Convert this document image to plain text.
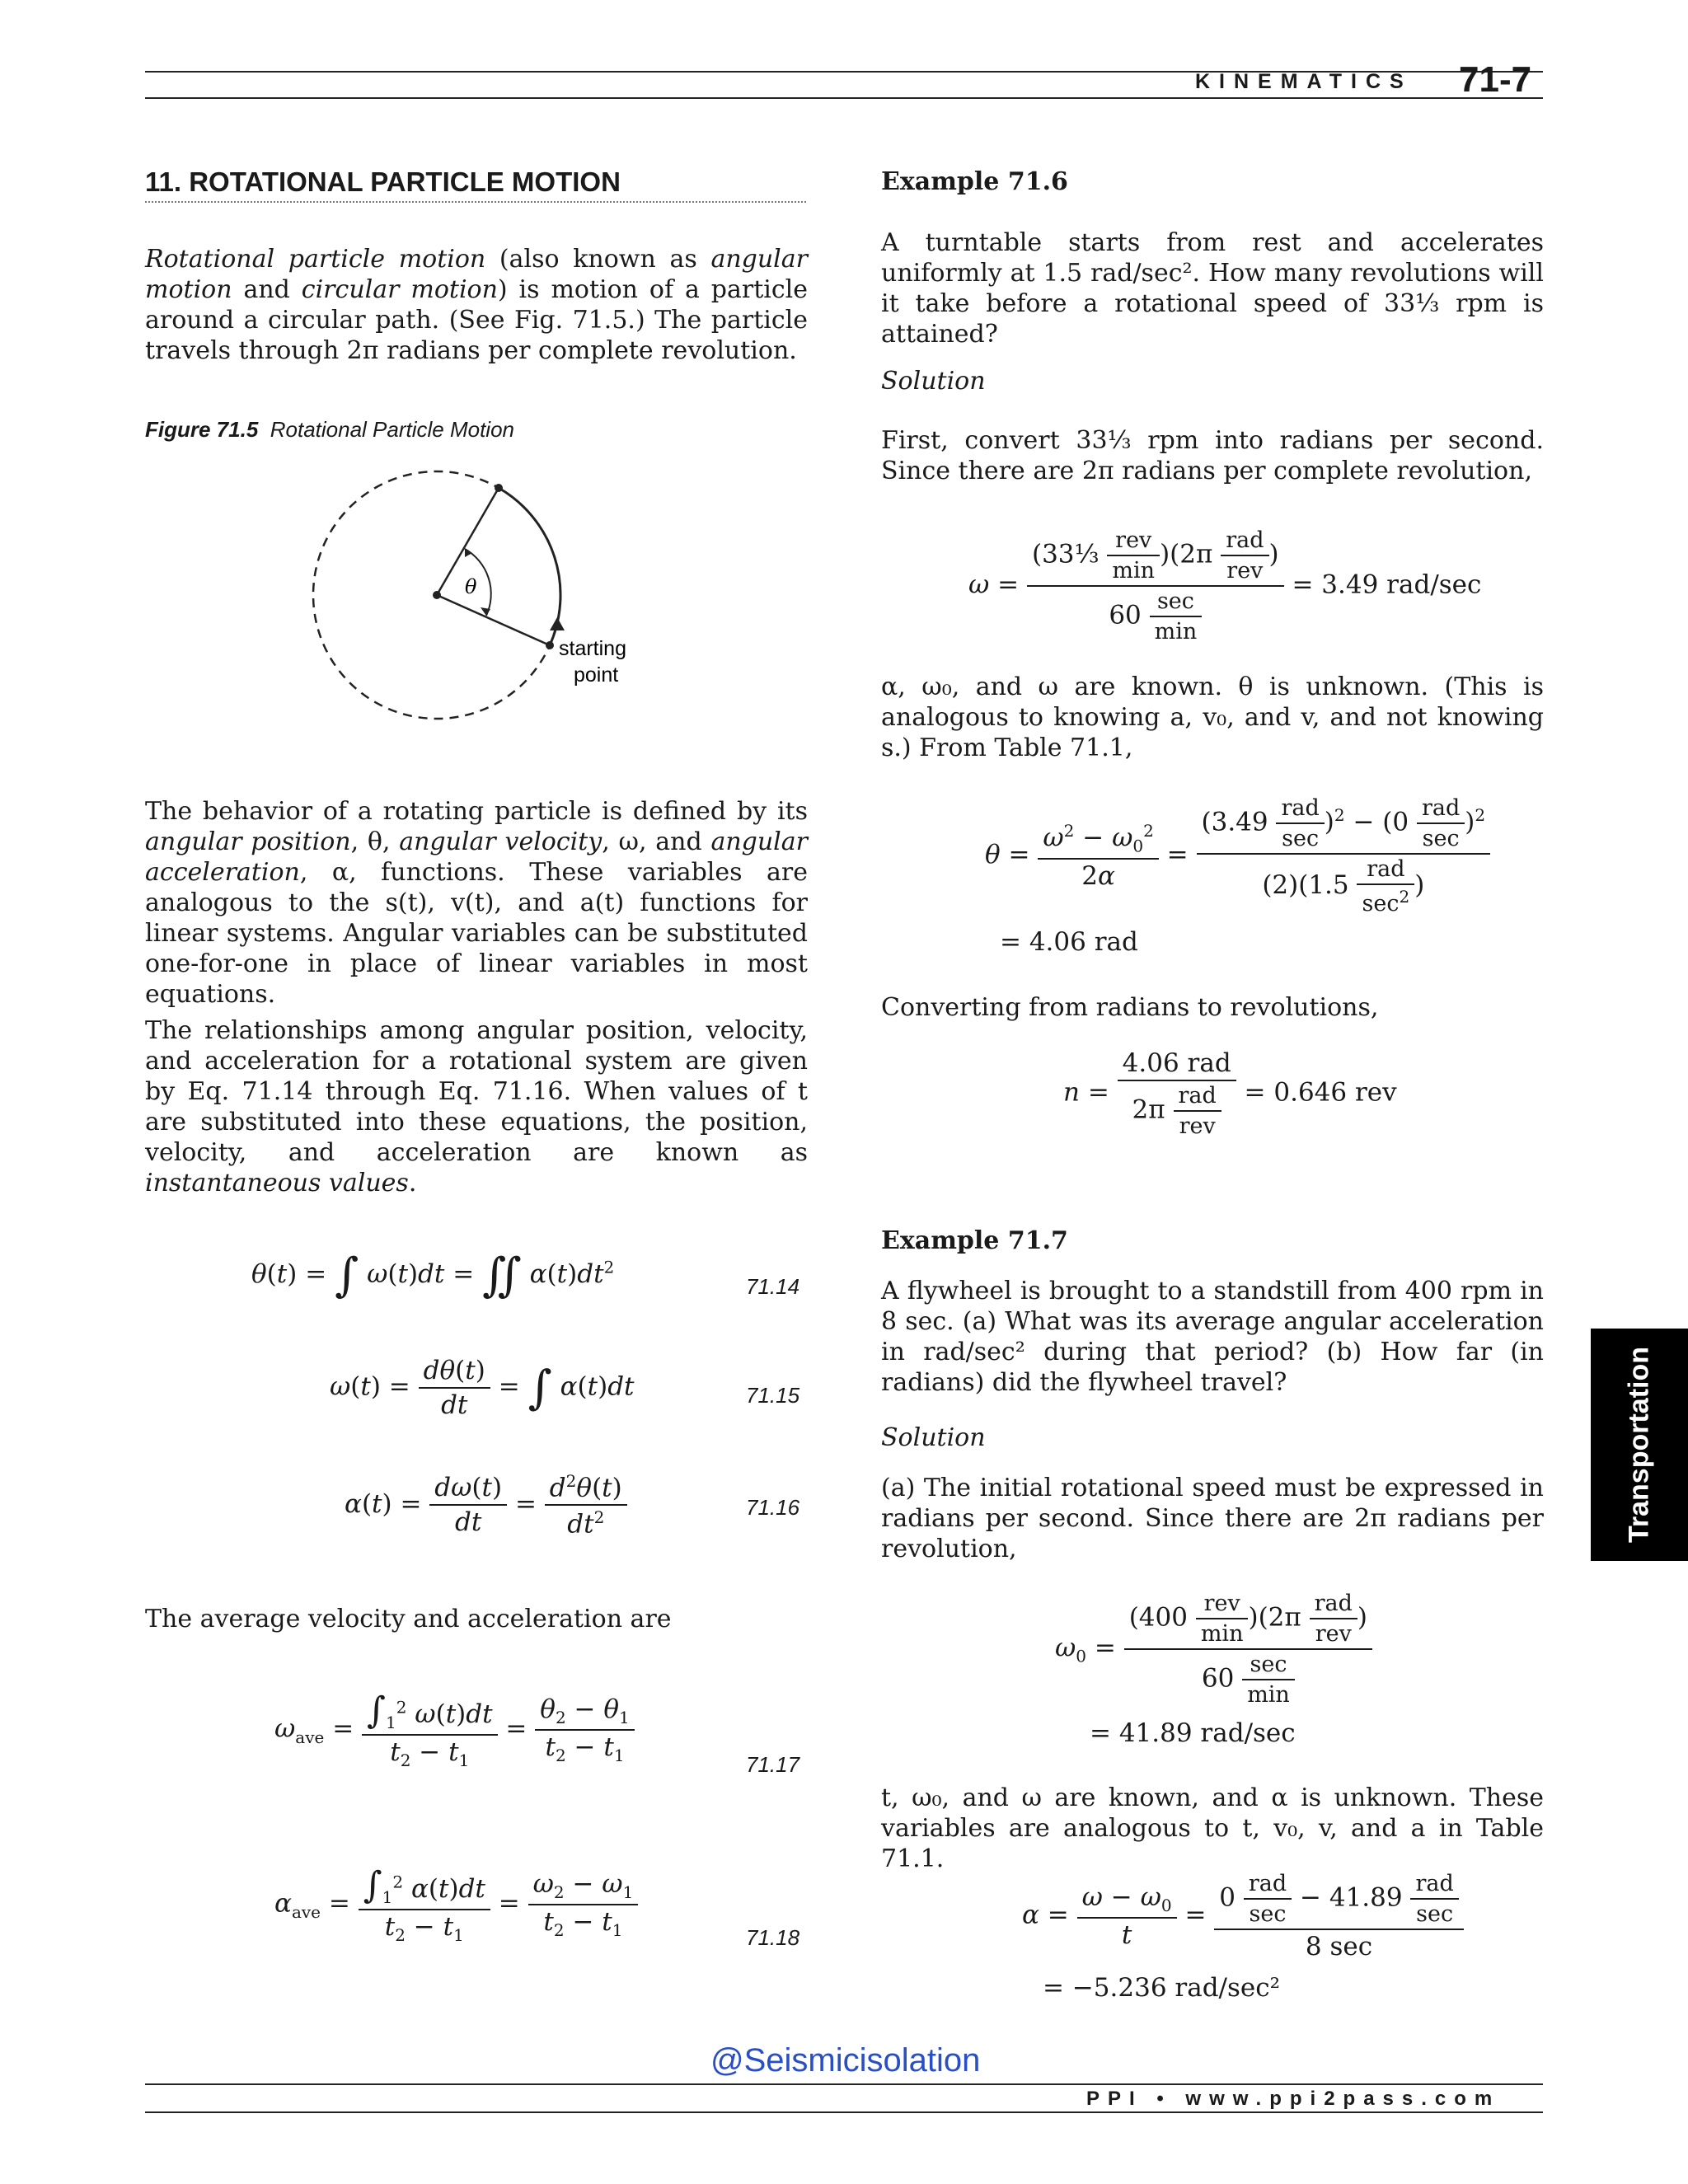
KINEMATICS 71-7
11. ROTATIONAL PARTICLE MOTION
Rotational particle motion (also known as angular motion and circular motion) is motion of a particle around a circular path. (See Fig. 71.5.) The particle travels through 2π radians per complete revolution.
Figure 71.5 Rotational Particle Motion
θ
starting
point
The behavior of a rotating particle is defined by its angular position, θ, angular velocity, ω, and angular acceleration, α, functions. These variables are analogous to the s(t), v(t), and a(t) functions for linear systems. Angular variables can be substituted one-for-one in place of linear variables in most equations.
The relationships among angular position, velocity, and acceleration for a rotational system are given by Eq. 71.14 through Eq. 71.16. When values of t are substituted into these equations, the position, velocity, and acceleration are known as instantaneous values.
θ(t) = ∫ ω(t)dt = ∬ $\alpha(t)dt^2$
71.14
$\omega(t) = \frac{d\theta(t)}{dt}$ = ∫ α(t)dt	71.15
$\alpha(t) = \frac{d\omega(t)}{dt} = \frac{d^2\theta(t)}{dt^2}$	71.16
The average velocity and acceleration are
$\omega_{ave} = \frac{\int_1^2 \omega(t)dt}{t_2 - t_1} = \frac{\theta_2 - \theta_1}{t_2 - t_1}$	71.17
$\alpha_{ave} = \frac{\int_1^2 \alpha(t)dt}{t_2 - t_1} = \frac{\omega_2 - \omega_1}{t_2 - t_1}$	71.18
Example 71.6
A turntable starts from rest and accelerates uniformly at 1.5 rad/sec². How many revolutions will it take before a rotational speed of 33⅓ rpm is attained?
Solution
First, convert 33⅓ rpm into radians per second. Since there are 2π radians per complete revolution,
$\omega = \frac{(33\frac{1}{3} \frac{\text{rev}}{\min} )(2\pi \frac{\text{rad}}{\text{rev}} )}{60 \frac{\sec}{\min}} = 3.49$ rad/sec
α, ω₀, and ω are known. θ is unknown. (This is analogous to knowing a, v₀, and v, and not knowing s.) From Table 71.1,
$\theta = \frac{\omega^2 - \omega_0^2}{2\alpha} = \frac{(3.49 \frac{\text{rad}}{\sec} )^2 - (0 \frac{\text{rad}}{\sec} )^2}{(2)(1.5 \frac{\text{rad}}{\sec^2} )}$
= 4.06 rad
Converting from radians to revolutions,
$n = \frac{\text{4.06 rad}}{2\pi \frac{\text{rad}}{\text{rev}}} = 0.646$ rev
Example 71.7
A flywheel is brought to a standstill from 400 rpm in 8 sec. (a) What was its average angular acceleration in rad/sec² during that period? (b) How far (in radians) did the flywheel travel?
Solution
(a) The initial rotational speed must be expressed in radians per second. Since there are 2π radians per revolution,
$\omega_0 = \frac{(400 \frac{\text{rev}}{\min} )(2\pi \frac{\text{rad}}{\text{rev}} )}{60 \frac{\sec}{\min}}$
= 41.89 rad/sec
t, ω₀, and ω are known, and α is unknown. These variables are analogous to t, v₀, v, and a in Table 71.1.
$\alpha = \frac{\omega - \omega_0}{t} = \frac{0 \frac{\text{rad}}{\sec} - 41.89 \frac{\text{rad}}{\sec}}{8 \sec}$
= −5.236 rad/sec²
Transportation
@Seismicisolation
PPI • www.ppi2pass.com
